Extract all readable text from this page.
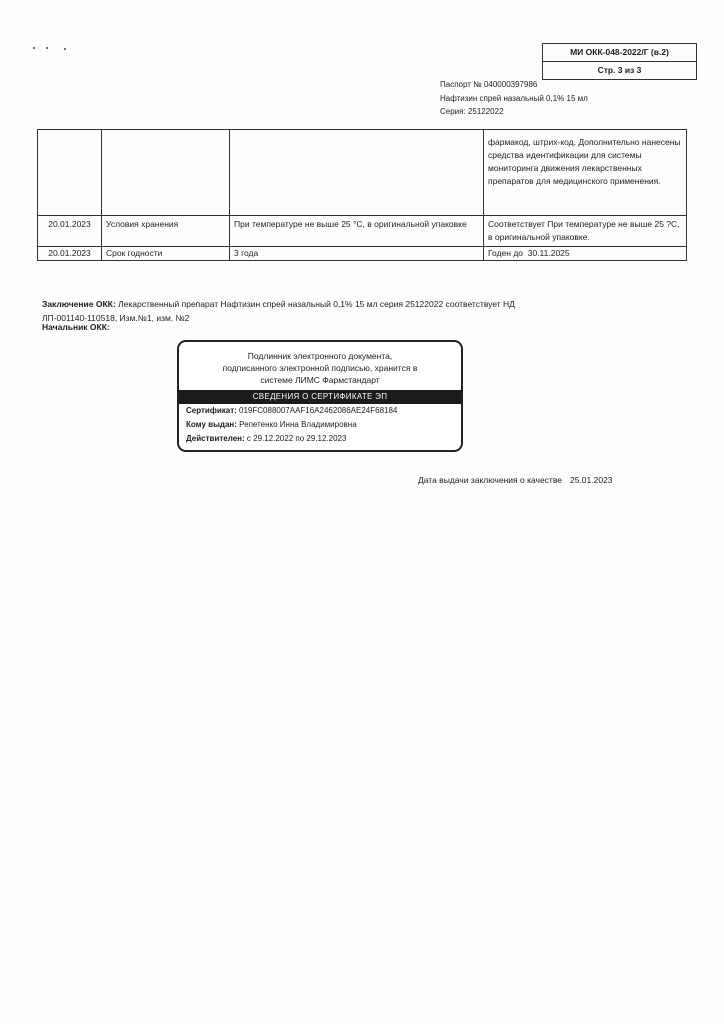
МИ ОКК-048-2022/Г (в.2)
Стр. 3 из 3
Паспорт № 040000397986
Нафтизин спрей назальный 0,1% 15 мл
Серия: 25122022
			фармакод, штрих-код. Дополнительно нанесены средства идентификации для системы мониторинга движения лекарственных препаратов для медицинского применения.
20.01.2023	Условия хранения	При температуре не выше 25 °С, в оригинальной упаковке	Соответствует При температуре не выше 25 ?С, в оригинальной упаковке.
20.01.2023	Срок годности	3 года	Годен до  30.11.2025
Заключение ОКК: Лекарственный препарат Нафтизин спрей назальный 0,1% 15 мл серия 25122022 соответствует НД ЛП-001140-110518, Изм.№1, изм. №2
Начальник ОКК:
Подлинник электронного документа,
подписанного электронной подписью, хранится в
системе ЛИМС Фармстандарт
СВЕДЕНИЯ О СЕРТИФИКАТЕ ЭП
Сертификат: 019FC088007AAF16A2462086AE24F68184
Кому выдан: Репетенко Инна Владимировна
Действителен: с 29.12.2022 по 29.12.2023
Дата выдачи заключения о качестве 25.01.2023
